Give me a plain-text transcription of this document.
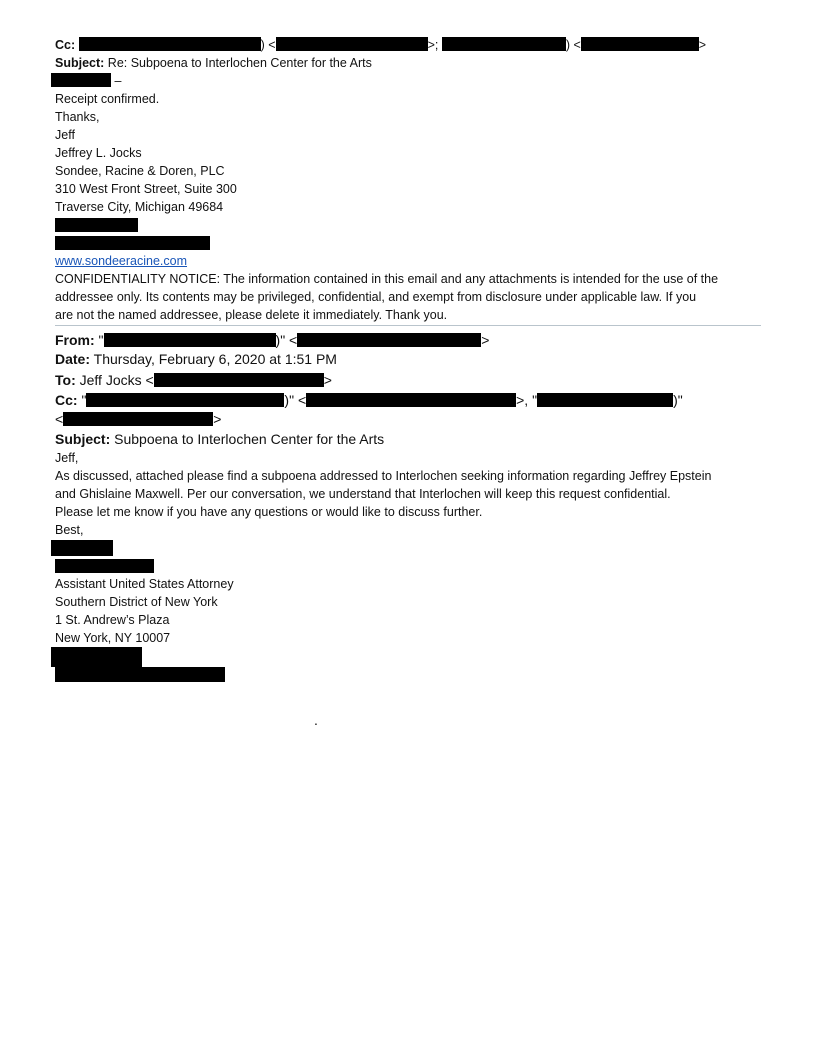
Cc:	) <	>;	) <	>
Subject: Re: Subpoena to Interlochen Center for the Arts
–
Receipt confirmed.
Thanks,
Jeff
Jeffrey L. Jocks
Sondee, Racine & Doren, PLC
310 West Front Street, Suite 300
Traverse City, Michigan 49684
www.sondeeracine.com
CONFIDENTIALITY NOTICE: The information contained in this email and any attachments is intended for the use of the
addressee only. Its contents may be privileged, confidential, and exempt from disclosure under applicable law. If you
are not the named addressee, please delete it immediately. Thank you.
From: "	)" <	>
Date: Thursday, February 6, 2020 at 1:51 PM
To: Jeff Jocks <	>
Cc: "	)" <	>, "	)"
<	>
Subject: Subpoena to Interlochen Center for the Arts
Jeff,
As discussed, attached please find a subpoena addressed to Interlochen seeking information regarding Jeffrey Epstein
and Ghislaine Maxwell. Per our conversation, we understand that Interlochen will keep this request confidential.
Please let me know if you have any questions or would like to discuss further.
Best,
Assistant United States Attorney
Southern District of New York
1 St. Andrew’s Plaza
New York, NY 10007
.
